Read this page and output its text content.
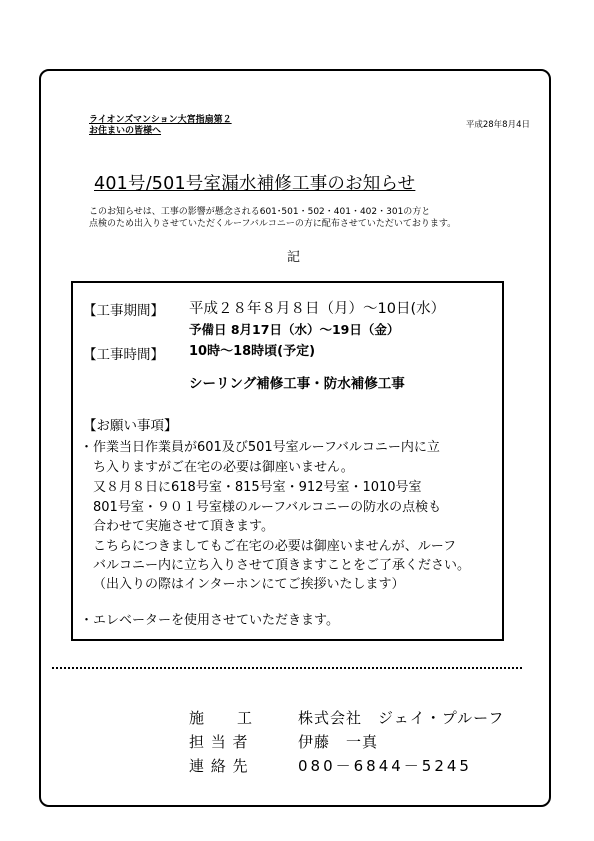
ライオンズマンション大宮指扇第２
お住まいの皆様へ
平成28年8月4日
401号/501号室漏水補修工事のお知らせ
このお知らせは、工事の影響が懸念される601･501・502・401・402・301の方と
点検のため出入りさせていただくルーフバルコニーの方に配布させていただいております。
記
【工事期間】 平成２８年８月８日（月）～10日(水）
予備日 8月17日（水）～19日（金）
【工事時間】 10時～18時頃(予定)
シーリング補修工事・防水補修工事
【お願い事項】
・ 作業当日作業員が601及び501号室ルーフバルコニー内に立
ち入りますがご在宅の必要は御座いません。
又８月８日に618号室・815号室・912号室・1010号室
801号室・９０１号室様のルーフバルコニーの防水の点検も
合わせて実施させて頂きます。
こちらにつきましてもご在宅の必要は御座いませんが、ルーフ
バルコニー内に立ち入りさせて頂きますことをご了承ください。
（出入りの際はインターホンにてご挨拶いたします）
・ エレベーターを使用させていただきます。
施　　工	株式会社　ジェイ・プルーフ
担 当 者	伊藤　一真
連 絡 先	080－6844－5245
